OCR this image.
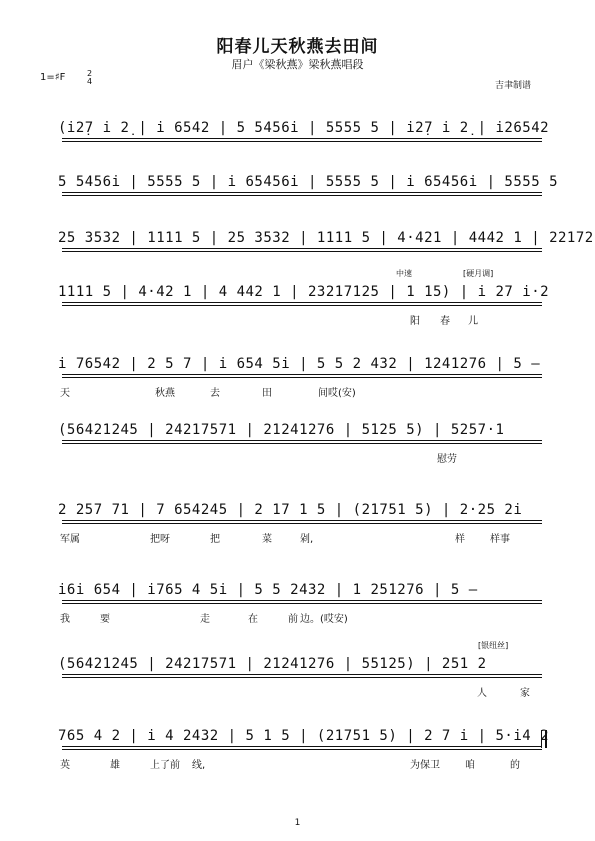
阳春儿天秋燕去田间
眉户《梁秋燕》梁秋燕唱段
1=♯F	2
4	吉聿制谱
(i2̣7 i 2̣ | i 6542 | 5 5456i | 5555 5 | i2̣7 i 2̣ | i26542
5 5456i | 5555 5 | i 65456i | 5555 5 | i 65456i | 5555 5
25 3532 | 1111 5 | 25 3532 | 1111 5 | 4·421 | 4442 1 | 22172
1111 5 | 4·42 1 | 4 442 1 | 23217125 | 1 15) | i 27 i·2
阳 春 儿
中速	[硬月调]
i 76542 | 2 5 7 | i 654 5i | 5 5 2 432 | 1241276 | 5 —
天	秋燕	去	田	间哎(安)
(56421245 | 24217571 | 21241276 | 5125 5) | 5257·1
慰劳
2 257 71 | 7 654245 | 2 17 1 5 | (21751 5) | 2·25 2i
军属	把呀	把	菜	剁,	样	样事
i6i 654 | i765 4 5i | 5 5 2432 | 1 251276 | 5 —
我	要	走	在	前 边。(哎安)
(56421245 | 24217571 | 21241276 | 55125) | 251 2
人	家
[银纽丝]
765 4 2 | i 4 2432 | 5 1 5 | (21751 5) | 2 7 i | 5·i4 2
英	雄	上了前 线,	为保卫	咱	的
1
